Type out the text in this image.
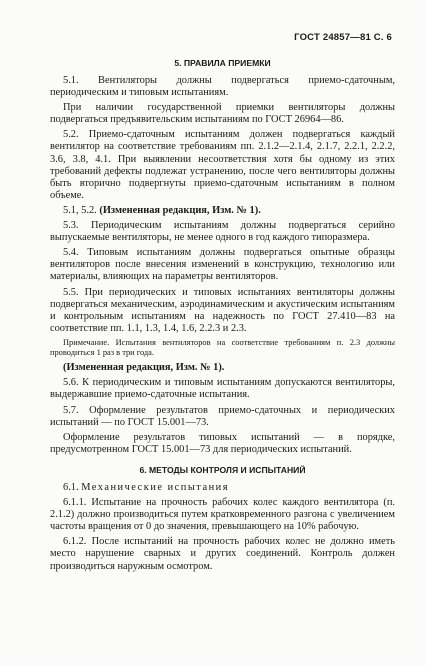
ГОСТ 24857—81 С. 6
5. ПРАВИЛА ПРИЕМКИ

5.1. Вентиляторы должны подвергаться приемо-сдаточным, периодическим и типовым испытаниям.

При наличии государственной приемки вентиляторы должны подвергаться предъявительским испытаниям по ГОСТ 26964—86.

5.2. Приемо-сдаточным испытаниям должен подвергаться каждый вентилятор на соответствие требованиям пп. 2.1.2—2.1.4, 2.1.7, 2.2.1, 2.2.2, 3.6, 3.8, 4.1. При выявлении несоответствия хотя бы одному из этих требований дефекты подлежат устранению, после чего вентиляторы должны быть вторично подвергнуты приемо-сдаточным испытаниям в полном объеме.

5.1, 5.2. (Измененная редакция, Изм. № 1).

5.3. Периодическим испытаниям должны подвергаться серийно выпускаемые вентиляторы, не менее одного в год каждого типоразмера.

5.4. Типовым испытаниям должны подвергаться опытные образцы вентиляторов после внесения изменений в конструкцию, технологию или материалы, влияющих на параметры вентиляторов.

5.5. При периодических и типовых испытаниях вентиляторы должны подвергаться механическим, аэродинамическим и акустическим испытаниям и контрольным испытаниям на надежность по ГОСТ 27.410—83 на соответствие пп. 1.1, 1.3, 1.4, 1.6, 2.2.3 и 2.3.

Примечание. Испытания вентиляторов на соответствие требованиям п. 2.3 должны проводиться 1 раз в три года.

(Измененная редакция, Изм. № 1).

5.6. К периодическим и типовым испытаниям допускаются вентиляторы, выдержавшие приемо-сдаточные испытания.

5.7. Оформление результатов приемо-сдаточных и периодических испытаний — по ГОСТ 15.001—73.

Оформление результатов типовых испытаний — в порядке, предусмотренном ГОСТ 15.001—73 для периодических испытаний.

6. МЕТОДЫ КОНТРОЛЯ И ИСПЫТАНИЙ

6.1. Механические испытания

6.1.1. Испытание на прочность рабочих колес каждого вентилятора (п. 2.1.2) должно производиться путем кратковременного разгона с увеличением частоты вращения от 0 до значения, превышающего на 10% рабочую.

6.1.2. После испытаний на прочность рабочих колес не должно иметь место нарушение сварных и других соединений. Контроль должен производиться наружным осмотром.
